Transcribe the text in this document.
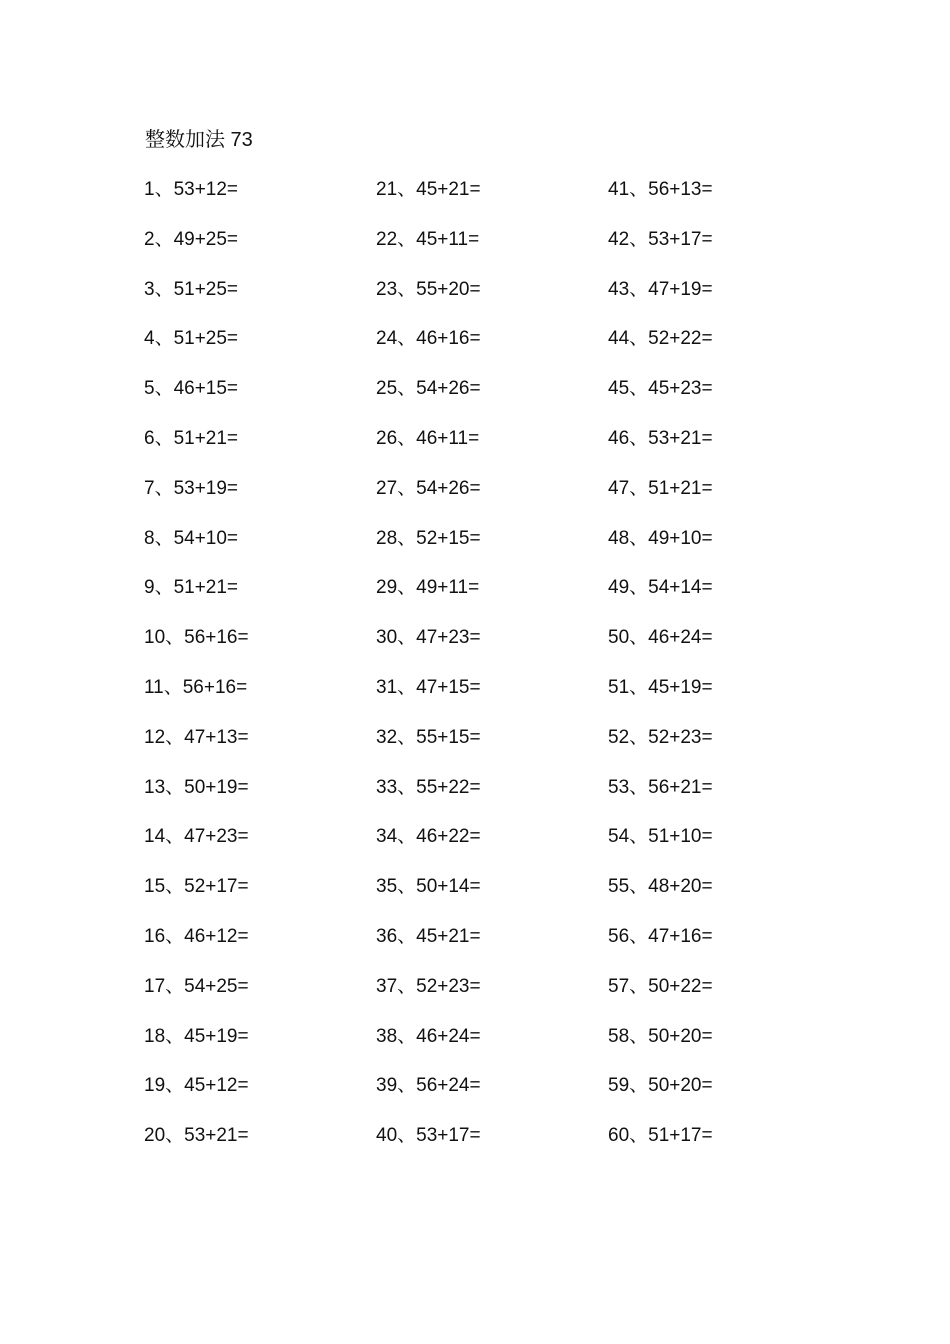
整数加法 73
1、53+12=
2、49+25=
3、51+25=
4、51+25=
5、46+15=
6、51+21=
7、53+19=
8、54+10=
9、51+21=
10、56+16=
11、56+16=
12、47+13=
13、50+19=
14、47+23=
15、52+17=
16、46+12=
17、54+25=
18、45+19=
19、45+12=
20、53+21=
21、45+21=
22、45+11=
23、55+20=
24、46+16=
25、54+26=
26、46+11=
27、54+26=
28、52+15=
29、49+11=
30、47+23=
31、47+15=
32、55+15=
33、55+22=
34、46+22=
35、50+14=
36、45+21=
37、52+23=
38、46+24=
39、56+24=
40、53+17=
41、56+13=
42、53+17=
43、47+19=
44、52+22=
45、45+23=
46、53+21=
47、51+21=
48、49+10=
49、54+14=
50、46+24=
51、45+19=
52、52+23=
53、56+21=
54、51+10=
55、48+20=
56、47+16=
57、50+22=
58、50+20=
59、50+20=
60、51+17=
